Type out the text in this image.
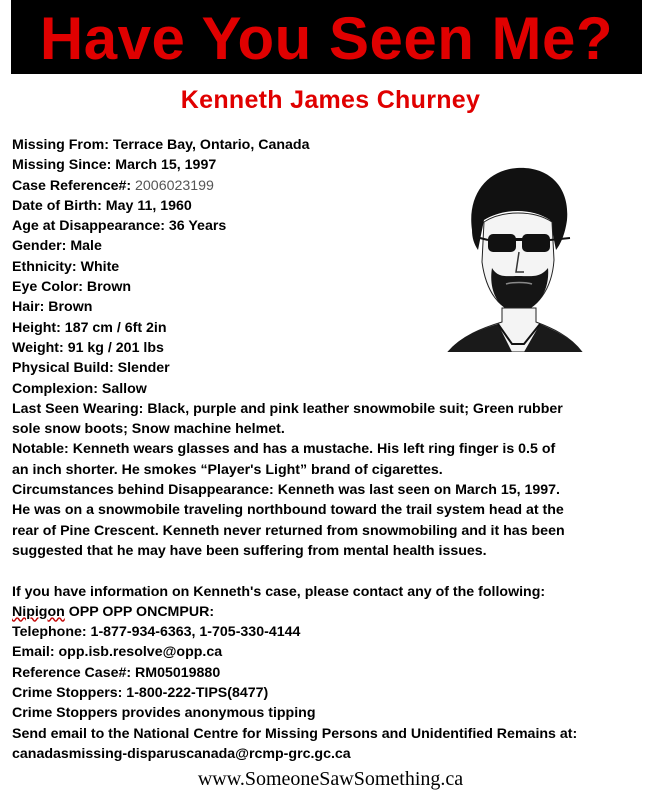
Have You Seen Me?
Kenneth James Churney
Missing From: Terrace Bay, Ontario, Canada
Missing Since: March 15, 1997
Case Reference#: 2006023199
Date of Birth: May 11, 1960
Age at Disappearance: 36 Years
Gender: Male
Ethnicity: White
Eye Color: Brown
Hair: Brown
Height: 187 cm / 6ft 2in
Weight: 91 kg / 201 lbs
Physical Build: Slender
Complexion: Sallow
Last Seen Wearing: Black, purple and pink leather snowmobile suit; Green rubber
sole snow boots; Snow machine helmet.
Notable: Kenneth wears glasses and has a mustache. His left ring finger is 0.5 of
an inch shorter. He smokes “Player's Light” brand of cigarettes.
Circumstances behind Disappearance: Kenneth was last seen on March 15, 1997.
He was on a snowmobile traveling northbound toward the trail system head at the
rear of Pine Crescent. Kenneth never returned from snowmobiling and it has been
suggested that he may have been suffering from mental health issues.
If you have information on Kenneth's case, please contact any of the following:
Nipigon OPP OPP ONCMPUR:
Telephone: 1-877-934-6363, 1-705-330-4144
Email: opp.isb.resolve@opp.ca
Reference Case#: RM05019880
Crime Stoppers: 1-800-222-TIPS(8477)
Crime Stoppers provides anonymous tipping
Send email to the National Centre for Missing Persons and Unidentified Remains at:
canadasmissing-disparuscanada@rcmp-grc.gc.ca
www.SomeoneSawSomething.ca
